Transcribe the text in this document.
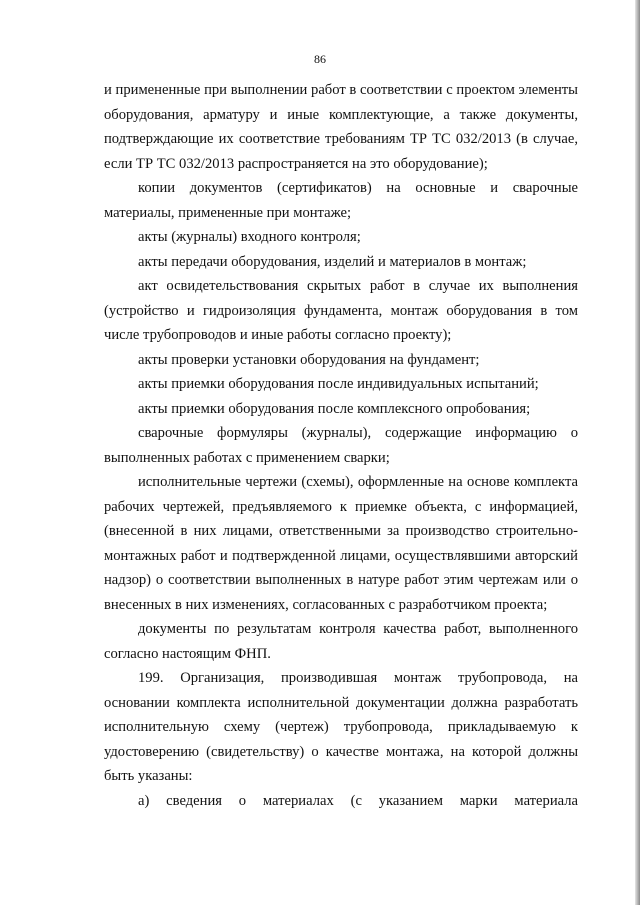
86

и примененные при выполнении работ в соответствии с проектом элементы оборудования, арматуру и иные комплектующие, а также документы, подтверждающие их соответствие требованиям ТР ТС 032/2013 (в случае, если ТР ТС 032/2013 распространяется на это оборудование);

копии документов (сертификатов) на основные и сварочные материалы, примененные при монтаже;

акты (журналы) входного контроля;

акты передачи оборудования, изделий и материалов в монтаж;

акт освидетельствования скрытых работ в случае их выполнения (устройство и гидроизоляция фундамента, монтаж оборудования в том числе трубопроводов и иные работы согласно проекту);

акты проверки установки оборудования на фундамент;

акты приемки оборудования после индивидуальных испытаний;

акты приемки оборудования после комплексного опробования;

сварочные формуляры (журналы), содержащие информацию о выполненных работах с применением сварки;

исполнительные чертежи (схемы), оформленные на основе комплекта рабочих чертежей, предъявляемого к приемке объекта, с информацией, (внесенной в них лицами, ответственными за производство строительно-монтажных работ и подтвержденной лицами, осуществлявшими авторский надзор) о соответствии выполненных в натуре работ этим чертежам или о внесенных в них изменениях, согласованных с разработчиком проекта;

документы по результатам контроля качества работ, выполненного согласно настоящим ФНП.

199. Организация, производившая монтаж трубопровода, на основании комплекта исполнительной документации должна разработать исполнительную схему (чертеж) трубопровода, прикладываемую к удостоверению (свидетельству) о качестве монтажа, на которой должны быть указаны:

а) сведения о материалах (с указанием марки материала
